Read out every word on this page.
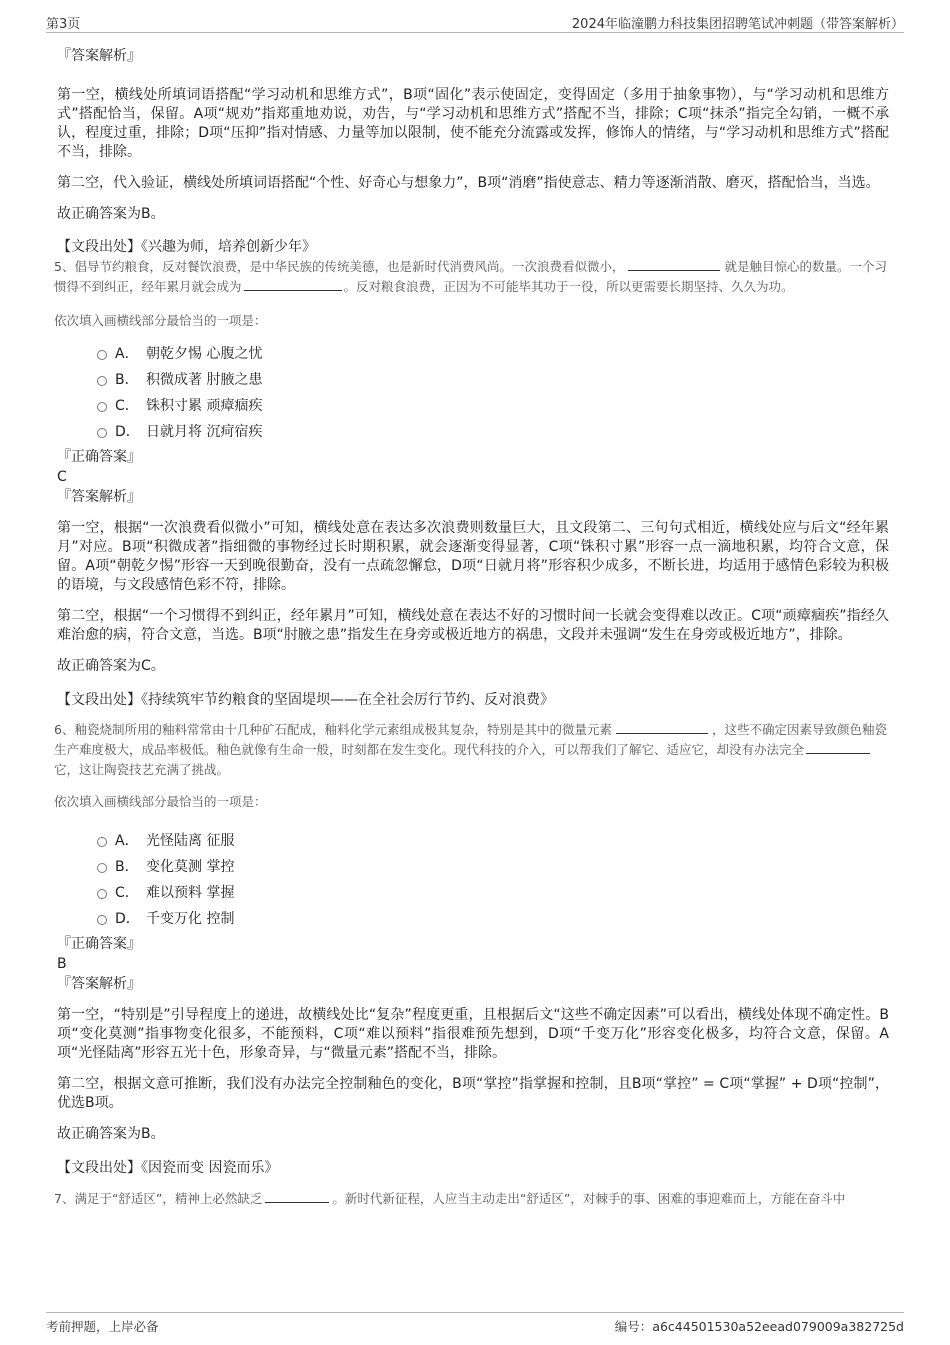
第3页	2024年临潼鹏力科技集团招聘笔试冲刺题（带答案解析）

『答案解析』

第一空，横线处所填词语搭配“学习动机和思维方式”，B项“固化”表示使固定，变得固定（多用于抽象事物），与“学习动机和思维方式”搭配恰当，保留。A项“规劝”指郑重地劝说，劝告，与“学习动机和思维方式”搭配不当，排除；C项“抹杀”指完全勾销，一概不承认，程度过重，排除；D项“压抑”指对情感、力量等加以限制，使不能充分流露或发挥，修饰人的情绪，与“学习动机和思维方式”搭配不当，排除。

第二空，代入验证，横线处所填词语搭配“个性、好奇心与想象力”，B项“消磨”指使意志、精力等逐渐消散、磨灭，搭配恰当，当选。

故正确答案为B。

【文段出处】《兴趣为师，培养创新少年》

5、倡导节约粮食，反对餐饮浪费，是中华民族的传统美德，也是新时代消费风尚。一次浪费看似微小，	就是触目惊心的数量。一个习惯得不到纠正，经年累月就会成为	。反对粮食浪费，正因为不可能毕其功于一役，所以更需要长期坚持、久久为功。

依次填入画横线部分最恰当的一项是：

A． 朝乾夕惕 心腹之忧
B． 积微成著 肘腋之患
C． 铢积寸累 顽瘴痼疾
D． 日就月将 沉疴宿疾

『正确答案』

C

『答案解析』

第一空，根据“一次浪费看似微小”可知，横线处意在表达多次浪费则数量巨大，且文段第二、三句句式相近，横线处应与后文“经年累月”对应。B项“积微成著”指细微的事物经过长时期积累，就会逐渐变得显著，C项“铢积寸累”形容一点一滴地积累，均符合文意，保留。A项“朝乾夕惕”形容一天到晚很勤奋，没有一点疏忽懈怠，D项“日就月将”形容积少成多，不断长进，均适用于感情色彩较为积极的语境，与文段感情色彩不符，排除。

第二空，根据“一个习惯得不到纠正，经年累月”可知，横线处意在表达不好的习惯时间一长就会变得难以改正。C项“顽瘴痼疾”指经久难治愈的病，符合文意，当选。B项“肘腋之患”指发生在身旁或极近地方的祸患，文段并未强调“发生在身旁或极近地方”，排除。

故正确答案为C。

【文段出处】《持续筑牢节约粮食的坚固堤坝——在全社会厉行节约、反对浪费》

6、釉瓷烧制所用的釉料常常由十几种矿石配成，釉料化学元素组成极其复杂，特别是其中的微量元素	，这些不确定因素导致颜色釉瓷生产难度极大，成品率极低。釉色就像有生命一般，时刻都在发生变化。现代科技的介入，可以帮我们了解它、适应它，却没有办法完全它，这让陶瓷技艺充满了挑战。

依次填入画横线部分最恰当的一项是：

A． 光怪陆离 征服
B． 变化莫测 掌控
C． 难以预料 掌握
D． 千变万化 控制

『正确答案』

B

『答案解析』

第一空，“特别是”引导程度上的递进，故横线处比“复杂”程度更重，且根据后文“这些不确定因素”可以看出，横线处体现不确定性。B项“变化莫测”指事物变化很多，不能预料，C项“难以预料”指很难预先想到，D项“千变万化”形容变化极多，均符合文意，保留。A项“光怪陆离”形容五光十色，形象奇异，与“微量元素”搭配不当，排除。

第二空，根据文意可推断，我们没有办法完全控制釉色的变化，B项“掌控”指掌握和控制，且B项“掌控” = C项“掌握” + D项“控制”，优选B项。

故正确答案为B。

【文段出处】《因瓷而变 因瓷而乐》

7、满足于“舒适区”，精神上必然缺乏	。新时代新征程，人应当主动走出“舒适区”，对棘手的事、困难的事迎难而上，方能在奋斗中

考前押题，上岸必备	编号：a6c44501530a52eead079009a382725d
